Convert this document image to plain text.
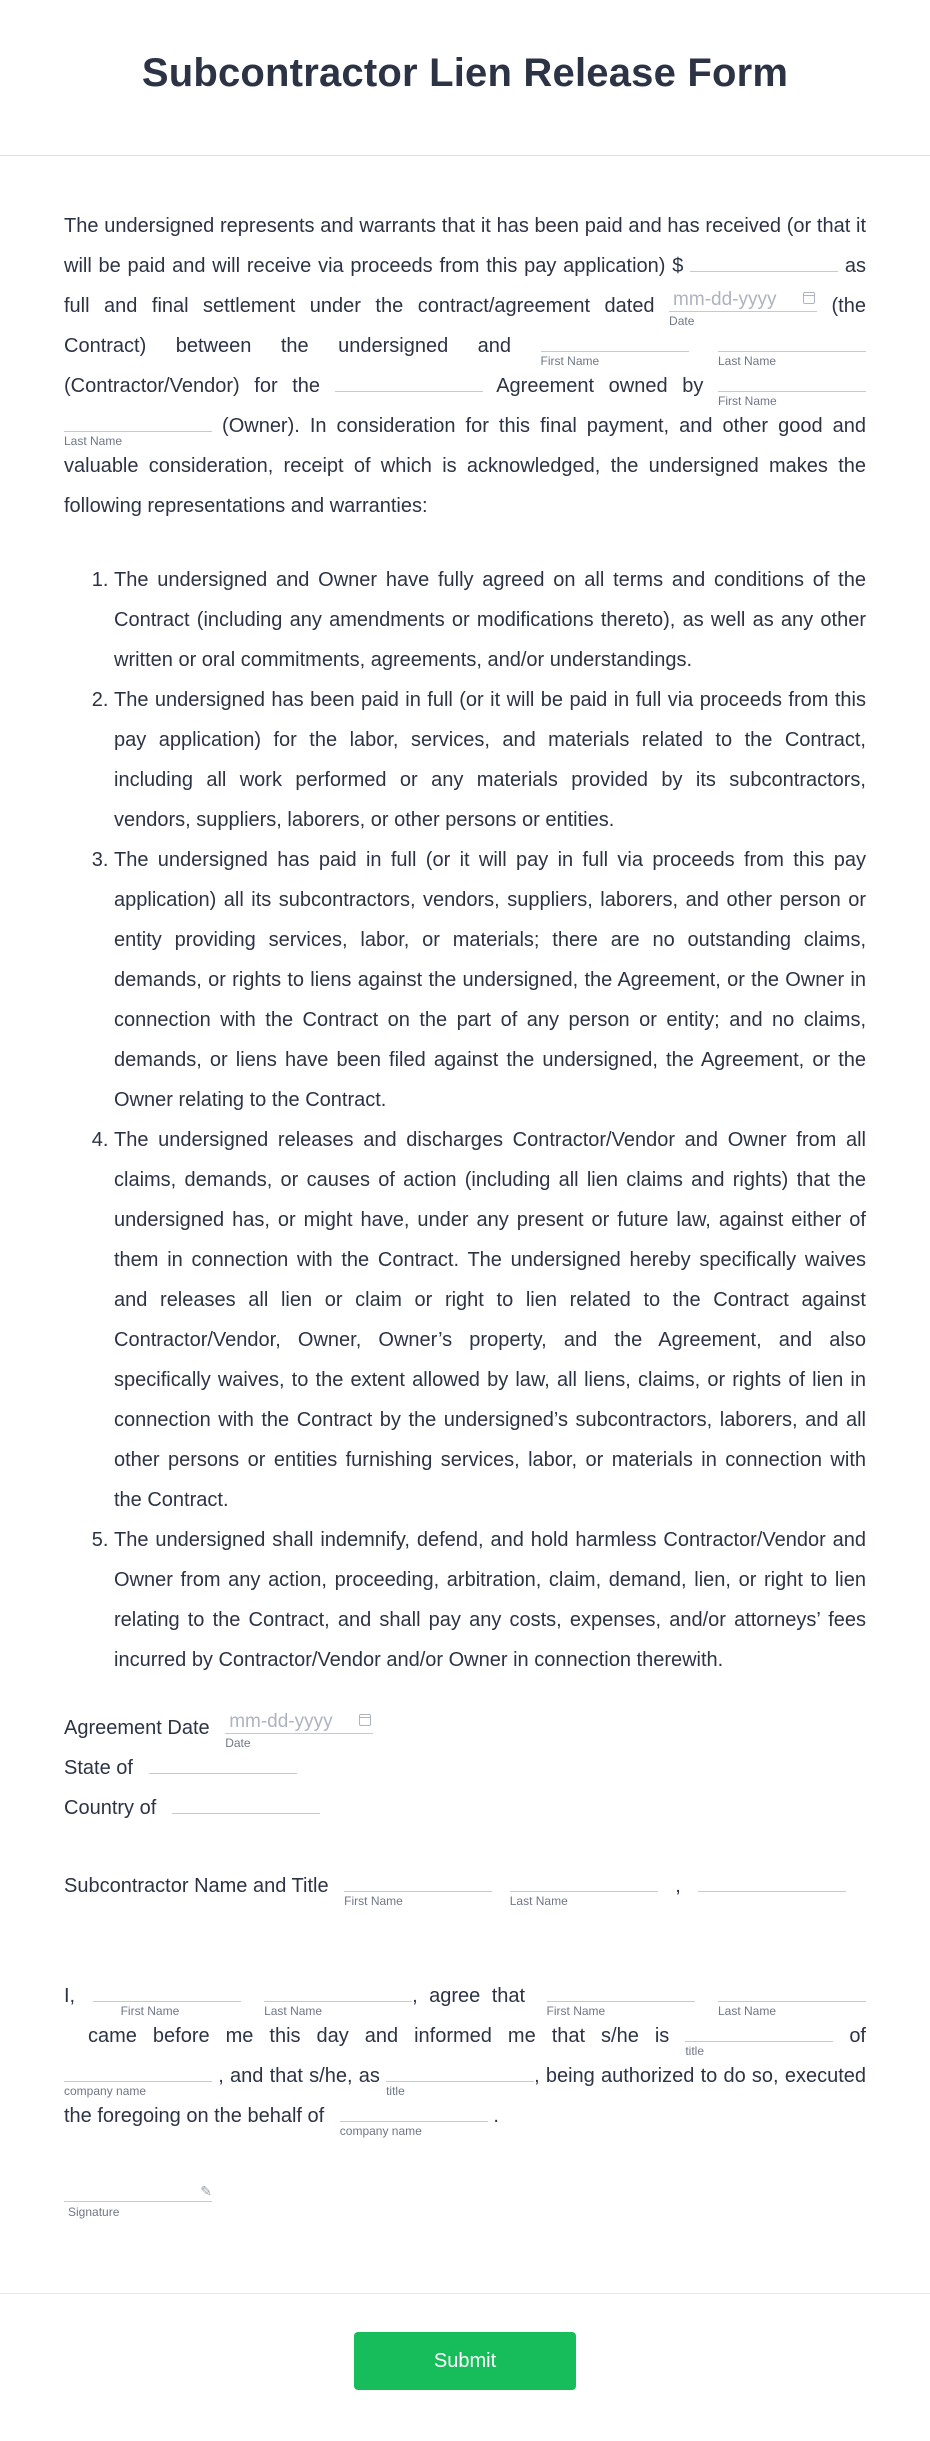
Subcontractor Lien Release Form

The undersigned represents and warrants that it has been paid and has received (or that it will be paid and will receive via proceeds from this pay application) $	as full and final settlement under the contract/agreement dated mm-dd-yyyy
Date
(the Contract) between the undersigned and
First Name
	Last Name
(Contractor/Vendor) for the	Agreement owned by
First Name

Last Name
(Owner). In consideration for this final payment, and other good and valuable consideration, receipt of which is acknowledged, the undersigned makes the following representations and warranties:

1. The undersigned and Owner have fully agreed on all terms and conditions of the Contract (including any amendments or modifications thereto), as well as any other written or oral commitments, agreements, and/or understandings.
2. The undersigned has been paid in full (or it will be paid in full via proceeds from this pay application) for the labor, services, and materials related to the Contract, including all work performed or any materials provided by its subcontractors, vendors, suppliers, laborers, or other persons or entities.
3. The undersigned has paid in full (or it will pay in full via proceeds from this pay application) all its subcontractors, vendors, suppliers, laborers, and other person or entity providing services, labor, or materials; there are no outstanding claims, demands, or rights to liens against the undersigned, the Agreement, or the Owner in connection with the Contract on the part of any person or entity; and no claims, demands, or liens have been filed against the undersigned, the Agreement, or the Owner relating to the Contract.
4. The undersigned releases and discharges Contractor/Vendor and Owner from all claims, demands, or causes of action (including all lien claims and rights) that the undersigned has, or might have, under any present or future law, against either of them in connection with the Contract. The undersigned hereby specifically waives and releases all lien or claim or right to lien related to the Contract against Contractor/Vendor, Owner, Owner’s property, and the Agreement, and also specifically waives, to the extent allowed by law, all liens, claims, or rights of lien in connection with the Contract by the undersigned’s subcontractors, laborers, and all other persons or entities furnishing services, labor, or materials in connection with the Contract.
5. The undersigned shall indemnify, defend, and hold harmless Contractor/Vendor and Owner from any action, proceeding, arbitration, claim, demand, lien, or right to lien relating to the Contract, and shall pay any costs, expenses, and/or attorneys’ fees incurred by Contractor/Vendor and/or Owner in connection therewith.
Agreement Date mm-dd-yyyy
Date
State of
Country of
Subcontractor Name and Title
First Name
	Last Name
,

I,
First Name
	Last Name
, agree that
First Name
	Last Name
came before me this day and informed me that s/he is
title
of
company name
, and that s/he, as
title
, being authorized to do so, executed the foregoing on the behalf of
company name
.

✎
Signature
Submit
